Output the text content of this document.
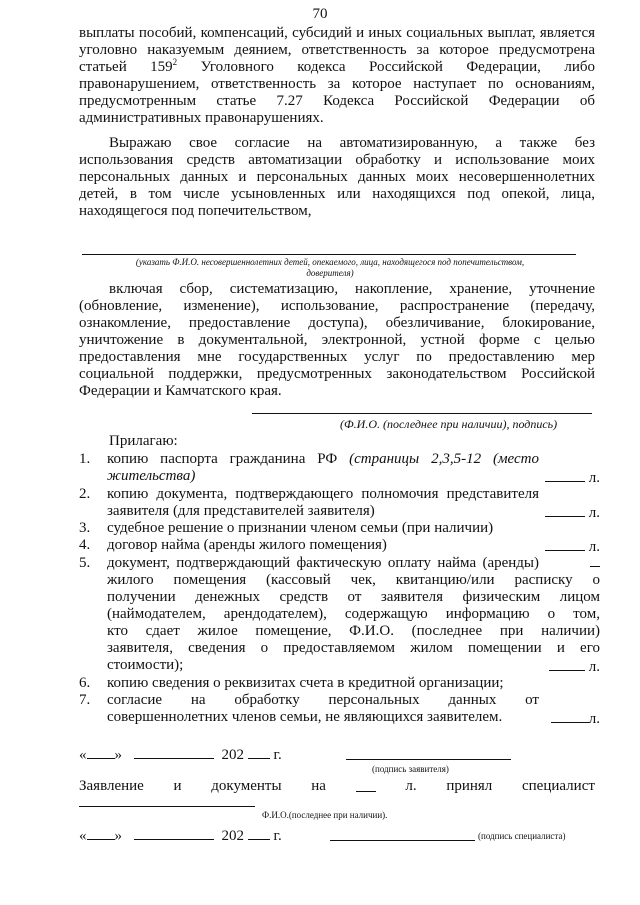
70
выплаты пособий, компенсаций, субсидий и иных социальных выплат, является
уголовно наказуемым деянием, ответственность за которое предусмотрена
статьей $159^2$ Уголовного кодекса Российской Федерации, либо
правонарушением, ответственность за которое наступает по основаниям,
предусмотренным статье 7.27 Кодекса Российской Федерации об
административных правонарушениях.
Выражаю свое согласие на автоматизированную, а также без
использования средств автоматизации обработку и использование моих
персональных данных и персональных данных моих несовершеннолетних
детей, в том числе усыновленных или находящихся под опекой, лица,
находящегося под попечительством,
(указать Ф.И.О. несовершеннолетних детей, опекаемого, лица, находящегося под попечительством,
доверителя)
включая сбор, систематизацию, накопление, хранение, уточнение
(обновление, изменение), использование, распространение (передачу,
ознакомление, предоставление доступа), обезличивание, блокирование,
уничтожение в документальной, электронной, устной форме с целью
предоставления мне государственных услуг по предоставлению мер
социальной поддержки, предусмотренных законодательством Российской
Федерации и Камчатского края.
(Ф.И.О. (последнее при наличии), подпись)
Прилагаю:
1. копию паспорта гражданина РФ (страницы 2,3,5-12 (место
жительства)	л.
2. копию документа, подтверждающего полномочия представителя
заявителя (для представителей заявителя)	л.
3. судебное решение о признании членом семьи (при наличии)
4. договор найма (аренды жилого помещения)	л.
5. документ, подтверждающий фактическую оплату найма (аренды)
жилого помещения (кассовый чек, квитанцию/или расписку о
получении денежных средств от заявителя физическим лицом
(наймодателем, арендодателем), содержащую информацию о том,
кто сдает жилое помещение, Ф.И.О. (последнее при наличии)
заявителя, сведения о предоставляемом жилом помещении и его
стоимости);	л.
6. копию сведения о реквизитах счета в кредитной организации;
7. согласие на обработку персональных данных от
совершеннолетних членов семьи, не являющихся заявителем.	л.
« »	202 г.
(подпись заявителя)
Заявление и документы на	л. принял специалист
Ф.И.О.(последнее при наличии).
« »	202 г.	(подпись специалиста)
